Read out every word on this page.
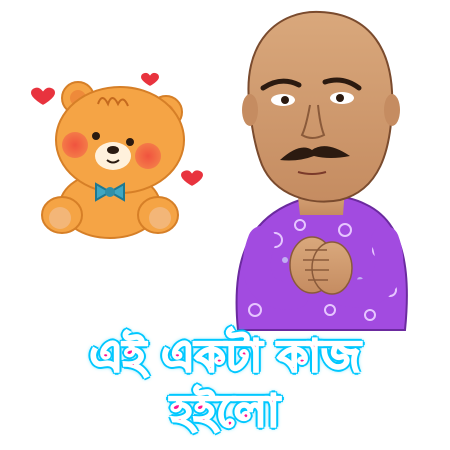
এই একটা কাজ
হইলো
